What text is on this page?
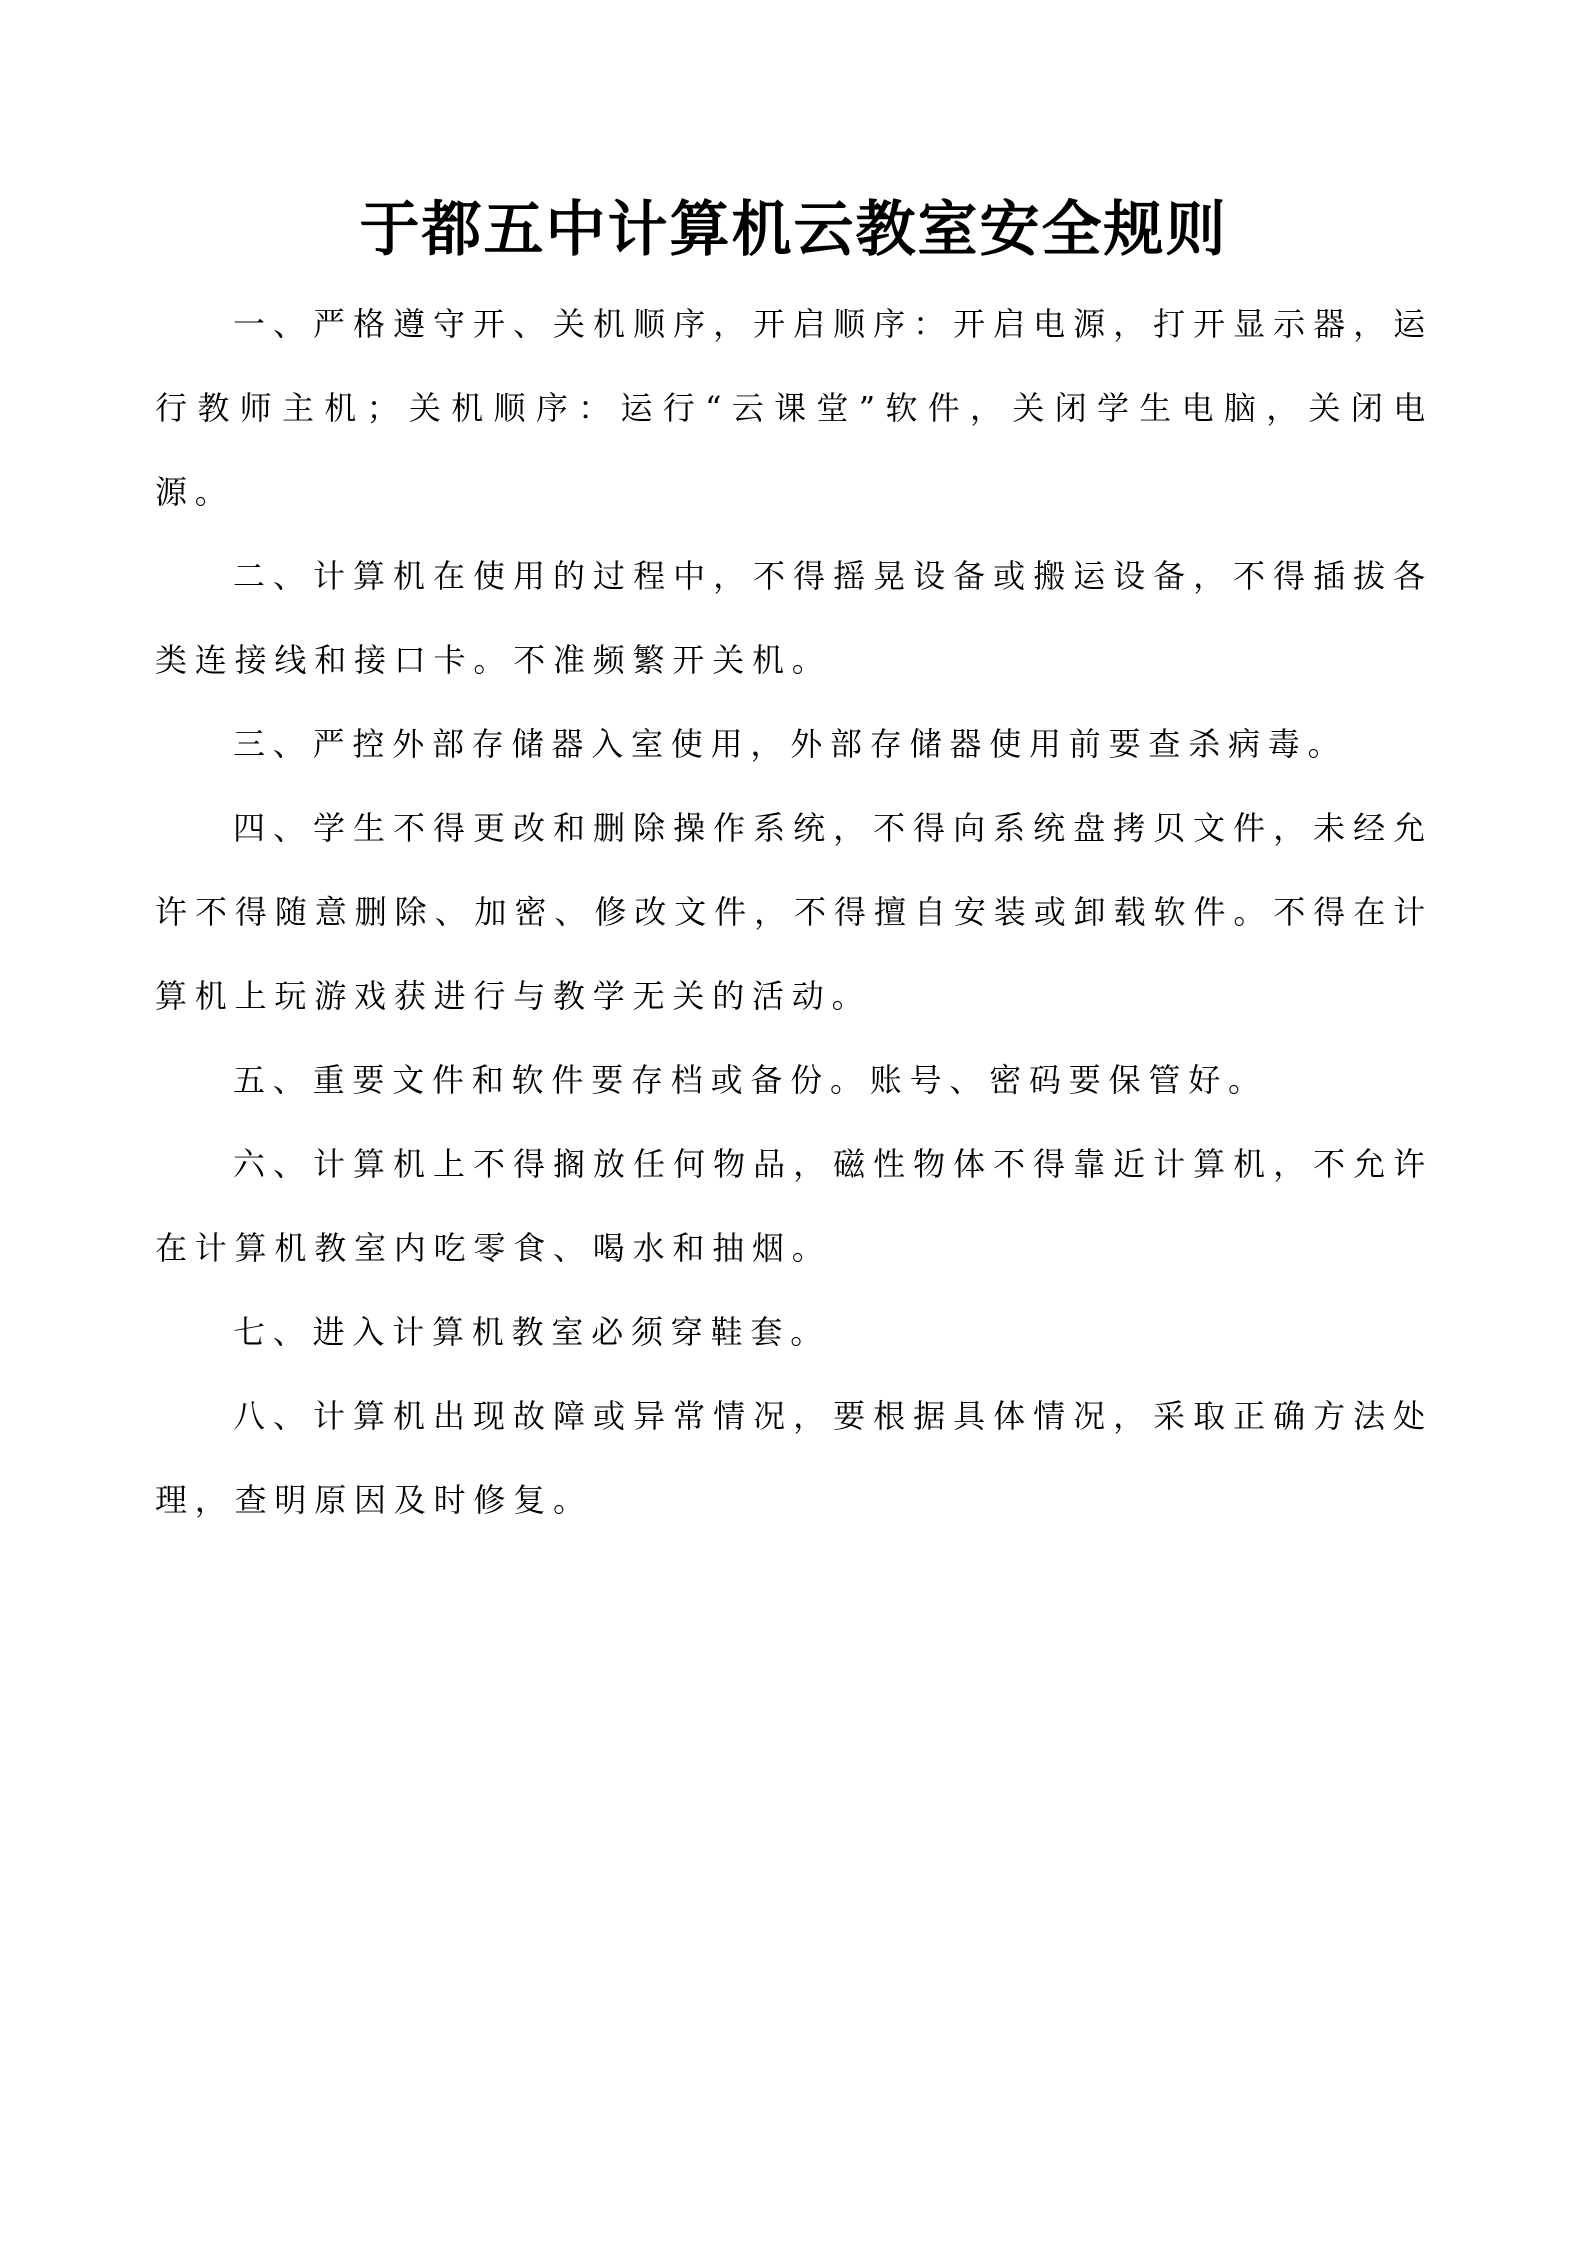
于都五中计算机云教室安全规则

一、严格遵守开、关机顺序，开启顺序：开启电源，打开显示器，运行教师主机；关机顺序：运行“云课堂”软件，关闭学生电脑，关闭电源。

二、计算机在使用的过程中，不得摇晃设备或搬运设备，不得插拔各类连接线和接口卡。不准频繁开关机。

三、严控外部存储器入室使用，外部存储器使用前要查杀病毒。

四、学生不得更改和删除操作系统，不得向系统盘拷贝文件，未经允许不得随意删除、加密、修改文件，不得擅自安装或卸载软件。不得在计算机上玩游戏获进行与教学无关的活动。

五、重要文件和软件要存档或备份。账号、密码要保管好。

六、计算机上不得搁放任何物品，磁性物体不得靠近计算机，不允许在计算机教室内吃零食、喝水和抽烟。

七、进入计算机教室必须穿鞋套。

八、计算机出现故障或异常情况，要根据具体情况，采取正确方法处理，查明原因及时修复。
